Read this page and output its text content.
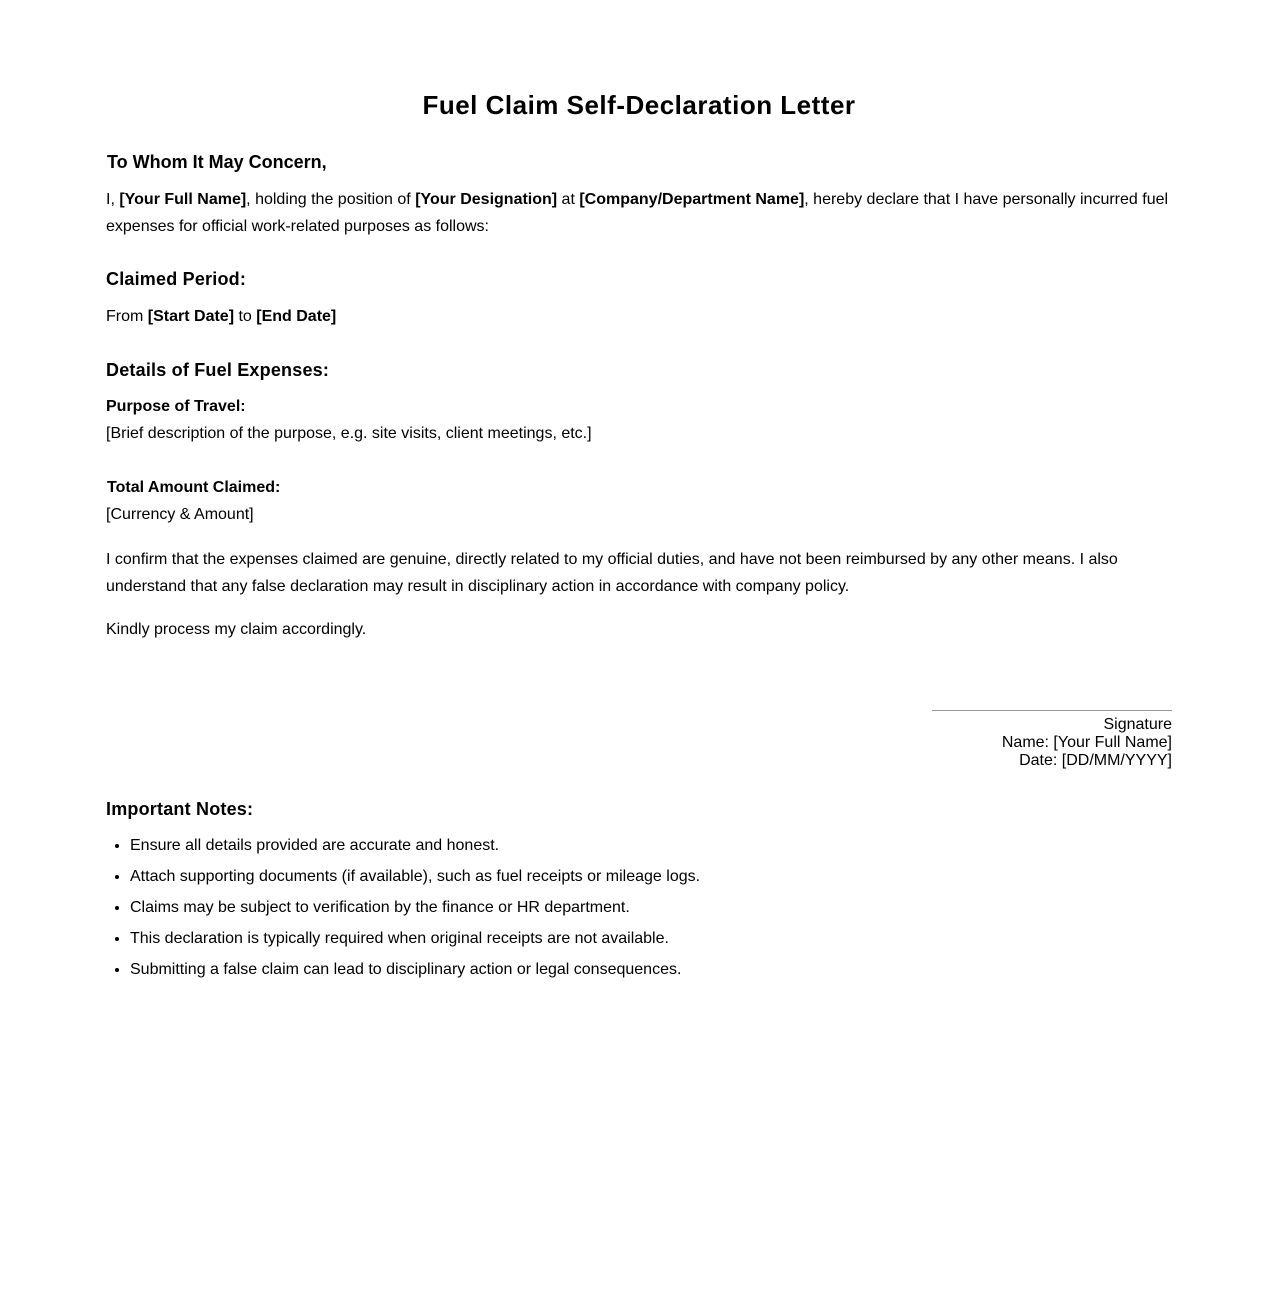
Fuel Claim Self-Declaration Letter

To Whom It May Concern,

I, [Your Full Name], holding the position of [Your Designation] at [Company/Department Name], hereby declare that I have personally incurred fuel expenses for official work-related purposes as follows:

Claimed Period:

From [Start Date] to [End Date]

Details of Fuel Expenses:

Purpose of Travel:

[Brief description of the purpose, e.g. site visits, client meetings, etc.]

Total Amount Claimed:

[Currency & Amount]

I confirm that the expenses claimed are genuine, directly related to my official duties, and have not been reimbursed by any other means. I also understand that any false declaration may result in disciplinary action in accordance with company policy.

Kindly process my claim accordingly.

Signature
Name: [Your Full Name]
Date: [DD/MM/YYYY]
Important Notes:
• Ensure all details provided are accurate and honest.
• Attach supporting documents (if available), such as fuel receipts or mileage logs.
• Claims may be subject to verification by the finance or HR department.
• This declaration is typically required when original receipts are not available.
• Submitting a false claim can lead to disciplinary action or legal consequences.
